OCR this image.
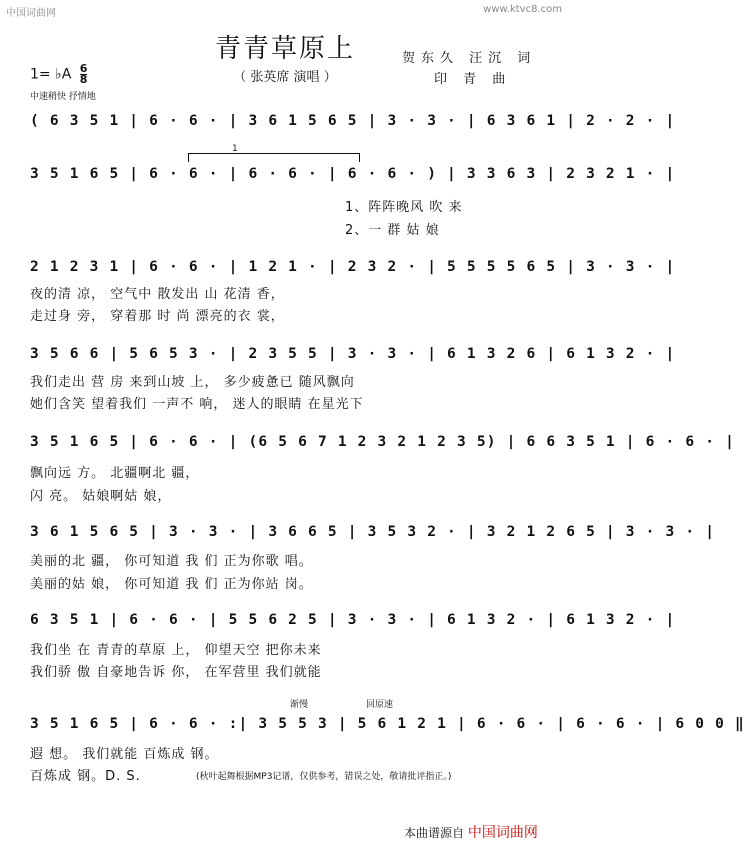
中国词曲网	www.ktvc8.com
青青草原上
（ 张英席 演唱 ）
贺东久 汪沉 词
印 青 曲
1= ♭A $\frac{6}{8}$
中速稍快 抒情地
( 6 3 5 1 | 6 · 6 · | 3 6 1 5 6 5 | 3 · 3 · | 6 3 6 1 | 2 · 2 · |
1
3 5 1 6 5 | 6 · 6 · | 6 · 6 · | 6 · 6 · ) | 3 3 6 3 | 2 3 2 1 · |
1、阵阵晚风 吹 来
2、一 群 姑 娘
2 1 2 3 1 | 6 · 6 · | 1 2 1 · | 2 3 2 · | 5 5 5 5 6 5 | 3 · 3 · |
夜的清 凉， 空气中 散发出 山 花清 香，
走过身 旁， 穿着那 时 尚 漂亮的衣 裳，
3 5 6 6 | 5 6 5 3 · | 2 3 5 5 | 3 · 3 · | 6 1 3 2 6 | 6 1 3 2 · |
我们走出 营 房 来到山坡 上， 多少疲惫已 随风飘向
她们含笑 望着我们 一声不 响， 迷人的眼睛 在星光下
3 5 1 6 5 | 6 · 6 · | (6 5 6 7 1 2 3 2 1 2 3 5) | 6 6 3 5 1 | 6 · 6 · |
飘向远 方。 北疆啊北 疆，
闪 亮。 姑娘啊姑 娘，
3 6 1 5 6 5 | 3 · 3 · | 3 6 6 5 | 3 5 3 2 · | 3 2 1 2 6 5 | 3 · 3 · |
美丽的北 疆， 你可知道 我 们 正为你歌 唱。
美丽的姑 娘， 你可知道 我 们 正为你站 岗。
6 3 5 1 | 6 · 6 · | 5 5 6 2 5 | 3 · 3 · | 6 1 3 2 · | 6 1 3 2 · |
我们坐 在 青青的草原 上， 仰望天空 把你未来
我们骄 傲 自豪地告诉 你， 在军营里 我们就能
渐慢	回原速
3 5 1 6 5 | 6 · 6 · :| 3 5 5 3 | 5 6 1 2 1 | 6 · 6 · | 6 · 6 · | 6 0 0 ‖
遐 想。 我们就能 百炼成 钢。
百炼成 钢。D. S.	(秋叶起舞根据MP3记谱，仅供参考，错误之处，敬请批评指正。)
本曲谱源自 中国词曲网
